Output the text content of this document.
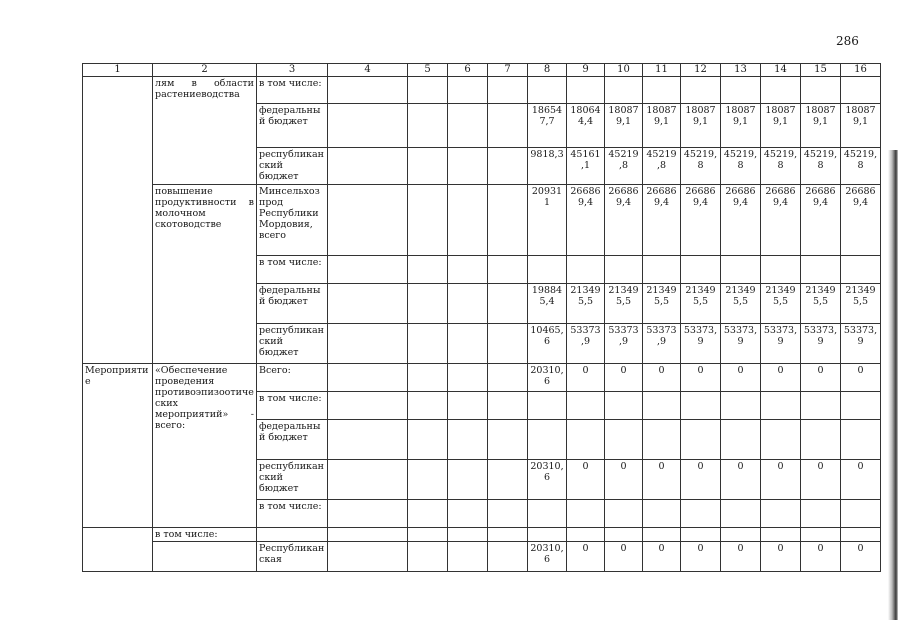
286
1	2	3	4	5	6	7	8	9	10	11	12	13	14	15	16
	лям в области растениеводства	в том числе:													
		федеральный бюджет					186547,7	180644,4	180879,1	180879,1	180879,1	180879,1	180879,1	180879,1	180879,1
		республиканский бюджет					9818,3	45161,1	45219,8	45219,8	45219,8	45219,8	45219,8	45219,8	45219,8
	повышение продуктивности в молочном скотоводстве	Минсельхозпрод Республики Мордовия, всего					209311	266869,4	266869,4	266869,4	266869,4	266869,4	266869,4	266869,4	266869,4
		в том числе:													
		федеральный бюджет					198845,4	213495,5	213495,5	213495,5	213495,5	213495,5	213495,5	213495,5	213495,5
		республиканский бюджет					10465,6	53373,9	53373,9	53373,9	53373,9	53373,9	53373,9	53373,9	53373,9
Мероприятие	«Обеспечение проведения противоэпизоотических мероприятий» - всего:	Всего:					20310,6	0	0	0	0	0	0	0	0
		в том числе:													
		федеральный бюджет													
		республиканский бюджет					20310,6	0	0	0	0	0	0	0	0
		в том числе:													
	в том числе:														
		Республиканская					20310,6	0	0	0	0	0	0	0	0
